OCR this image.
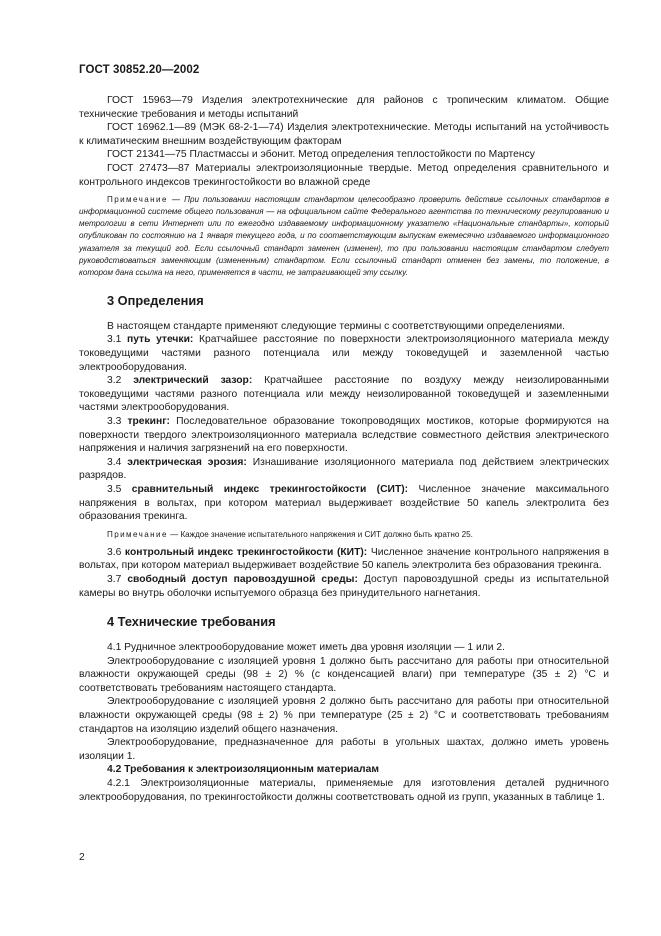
ГОСТ 30852.20—2002

ГОСТ 15963—79 Изделия электротехнические для районов с тропическим климатом. Общие технические требования и методы испытаний

ГОСТ 16962.1—89 (МЭК 68-2-1—74) Изделия электротехнические. Методы испытаний на устойчивость к климатическим внешним воздействующим факторам

ГОСТ 21341—75 Пластмассы и эбонит. Метод определения теплостойкости по Мартенсу

ГОСТ 27473—87 Материалы электроизоляционные твердые. Метод определения сравнительного и контрольного индексов трекингостойкости во влажной среде

Примечание — При пользовании настоящим стандартом целесообразно проверить действие ссылочных стандартов в информационной системе общего пользования — на официальном сайте Федерального агентства по техническому регулированию и метрологии в сети Интернет или по ежегодно издаваемому информационному указателю «Национальные стандарты», который опубликован по состоянию на 1 января текущего года, и по соответствующим выпускам ежемесячно издаваемого информационного указателя за текущий год. Если ссылочный стандарт заменен (изменен), то при пользовании настоящим стандартом следует руководствоваться заменяющим (измененным) стандартом. Если ссылочный стандарт отменен без замены, то положение, в котором дана ссылка на него, применяется в части, не затрагивающей эту ссылку.

3 Определения

В настоящем стандарте применяют следующие термины с соответствующими определениями.

3.1 путь утечки: Кратчайшее расстояние по поверхности электроизоляционного материала между токоведущими частями разного потенциала или между токоведущей и заземленной частью электрооборудования.

3.2 электрический зазор: Кратчайшее расстояние по воздуху между неизолированными токоведущими частями разного потенциала или между неизолированной токоведущей и заземленными частями электрооборудования.

3.3 трекинг: Последовательное образование токопроводящих мостиков, которые формируются на поверхности твердого электроизоляционного материала вследствие совместного действия электрического напряжения и наличия загрязнений на его поверхности.

3.4 электрическая эрозия: Изнашивание изоляционного материала под действием электрических разрядов.

3.5 сравнительный индекс трекингостойкости (СИТ): Численное значение максимального напряжения в вольтах, при котором материал выдерживает воздействие 50 капель электролита без образования трекинга.

Примечание — Каждое значение испытательного напряжения и СИТ должно быть кратно 25.

3.6 контрольный индекс трекингостойкости (КИТ): Численное значение контрольного напряжения в вольтах, при котором материал выдерживает воздействие 50 капель электролита без образования трекинга.

3.7 свободный доступ паровоздушной среды: Доступ паровоздушной среды из испытательной камеры во внутрь оболочки испытуемого образца без принудительного нагнетания.

4 Технические требования

4.1 Рудничное электрооборудование может иметь два уровня изоляции — 1 или 2.

Электрооборудование с изоляцией уровня 1 должно быть рассчитано для работы при относительной влажности окружающей среды (98 ± 2) % (с конденсацией влаги) при температуре (35 ± 2) °С и соответствовать требованиям настоящего стандарта.

Электрооборудование с изоляцией уровня 2 должно быть рассчитано для работы при относительной влажности окружающей среды (98 ± 2) % при температуре (25 ± 2) °С и соответствовать требованиям стандартов на изоляцию изделий общего назначения.

Электрооборудование, предназначенное для работы в угольных шахтах, должно иметь уровень изоляции 1.

4.2 Требования к электроизоляционным материалам

4.2.1 Электроизоляционные материалы, применяемые для изготовления деталей рудничного электрооборудования, по трекингостойкости должны соответствовать одной из групп, указанных в таблице 1.

2
